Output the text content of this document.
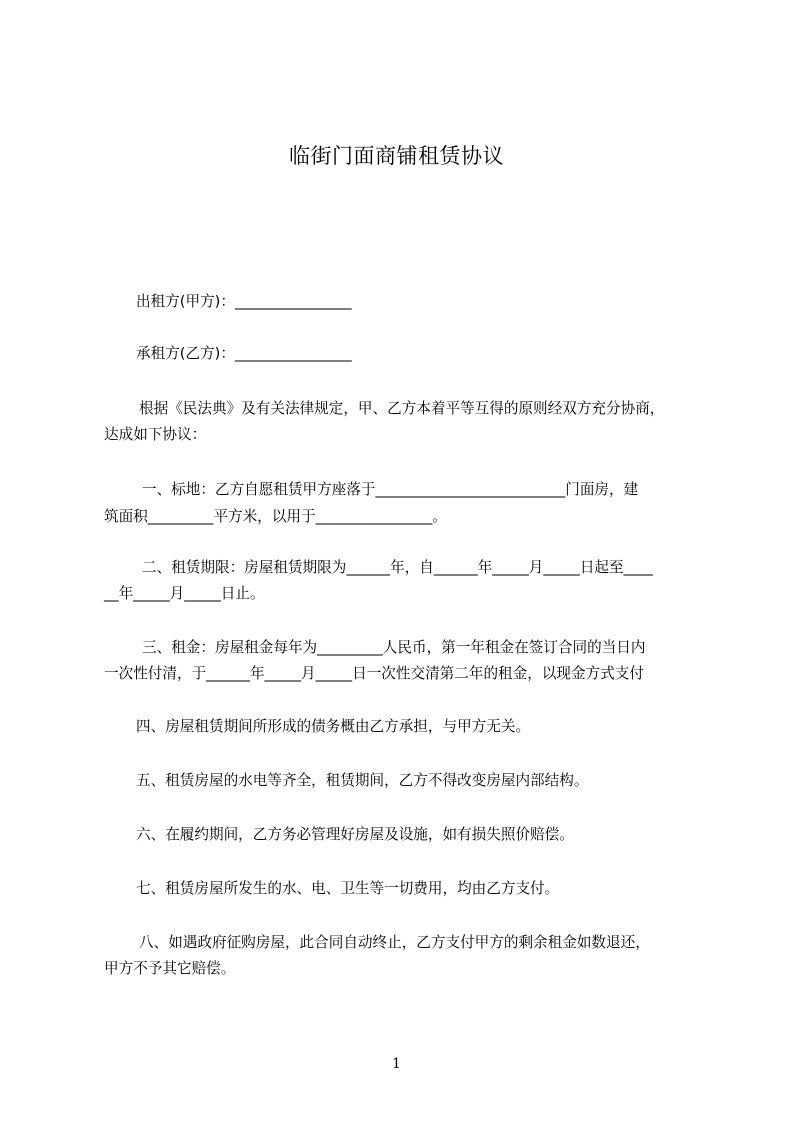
临街门面商铺租赁协议
出租方(甲方)：________________
承租方(乙方)：________________
根据《民法典》及有关法律规定，甲、乙方本着平等互得的原则经双方充分协商，
达成如下协议：
一、标地：乙方自愿租赁甲方座落于__________________________门面房，建
筑面积_________平方米，以用于________________。
二、租赁期限：房屋租赁期限为______年，自______年_____月_____日起至____
__年_____月_____日止。
三、租金：房屋租金每年为_________人民币，第一年租金在签订合同的当日内
一次性付清，于______年_____月_____日一次性交清第二年的租金，以现金方式支付
四、房屋租赁期间所形成的债务概由乙方承担，与甲方无关。
五、租赁房屋的水电等齐全，租赁期间，乙方不得改变房屋内部结构。
六、在履约期间，乙方务必管理好房屋及设施，如有损失照价赔偿。
七、租赁房屋所发生的水、电、卫生等一切费用，均由乙方支付。
八、如遇政府征购房屋，此合同自动终止，乙方支付甲方的剩余租金如数退还，
甲方不予其它赔偿。
1
